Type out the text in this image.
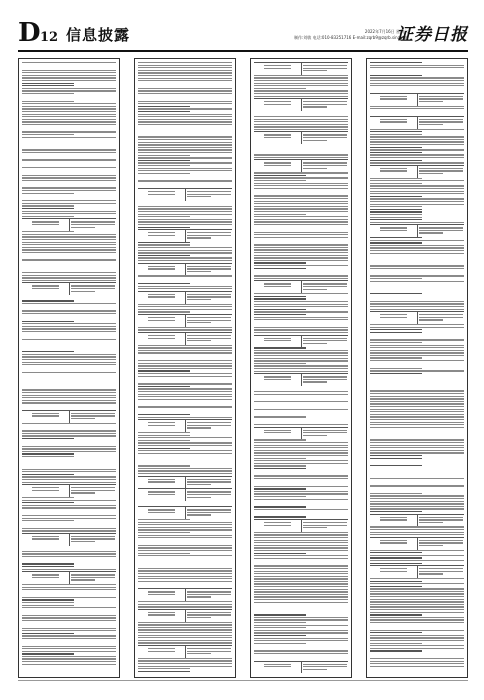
D 12 信息披露	2022年7月16日 星期六
制作:刘敏 电话:010-83251716 E-mail:zqrb9@zqrb.sina.net
证券日报
